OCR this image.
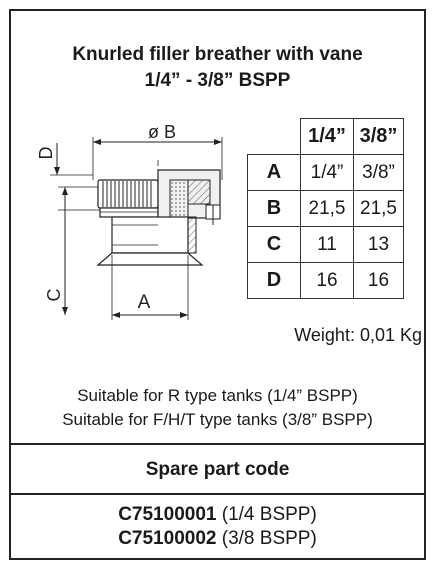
Knurled filler breather with vane
1/4” - 3/8” BSPP
ø B
D
C	A
	1/4”	3/8”
A	1/4”	3/8”
B	21,5	21,5
C	11	13
D	16	16
Weight: 0,01 Kg
Suitable for R type tanks (1/4” BSPP)
Suitable for F/H/T type tanks (3/8” BSPP)
Spare part code
C75100001 (1/4 BSPP)
C75100002 (3/8 BSPP)
